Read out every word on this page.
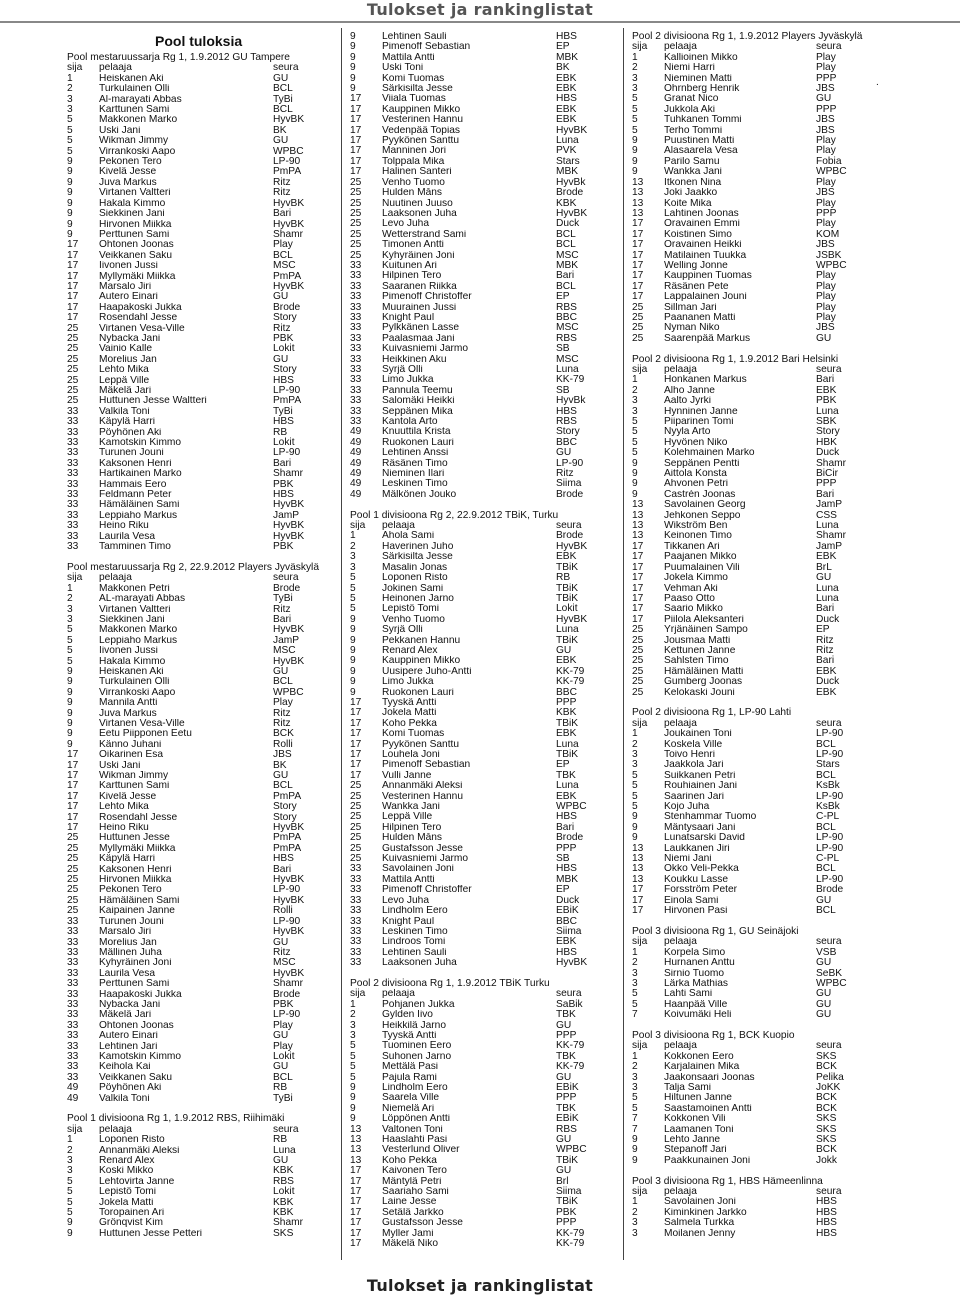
Tulokset ja rankinglistat
Pool tuloksia
Pool mestaruussarja Rg 1, 1.9.2012 GU Tampere
sija	pelaaja	seura
1	Heiskanen Aki	GU
2	Turkulainen Olli	BCL
3	Al-marayati Abbas	TyBi
3	Karttunen Sami	BCL
5	Makkonen Marko	HyvBK
5	Uski Jani	BK
5	Wikman Jimmy	GU
5	Virrankoski Aapo	WPBC
9	Pekonen Tero	LP-90
9	Kivelä Jesse	PmPA
9	Juva Markus	Ritz
9	Virtanen Valtteri	Ritz
9	Hakala Kimmo	HyvBK
9	Siekkinen Jani	Bari
9	Hirvonen Miikka	HyvBK
9	Perttunen Sami	Shamr
17	Ohtonen Joonas	Play
17	Veikkanen Saku	BCL
17	Iivonen Jussi	MSC
17	Myllymäki Miikka	PmPA
17	Marsalo Jiri	HyvBK
17	Autero Einari	GU
17	Haapakoski Jukka	Brode
17	Rosendahl Jesse	Story
25	Virtanen Vesa-Ville	Ritz
25	Nybacka Jani	PBK
25	Vainio Kalle	Lokit
25	Morelius Jan	GU
25	Lehto Mika	Story
25	Leppä Ville	HBS
25	Mäkelä Jari	LP-90
25	Huttunen Jesse Waltteri	PmPA
33	Valkila Toni	TyBi
33	Käpylä Harri	HBS
33	Pöyhönen Aki	RB
33	Kamotskin Kimmo	Lokit
33	Turunen Jouni	LP-90
33	Kaksonen Henri	Bari
33	Hartikainen Marko	Shamr
33	Hammais Eero	PBK
33	Feldmann Peter	HBS
33	Hämäläinen Sami	HyvBK
33	Leppiaho Markus	JamP
33	Heino Riku	HyvBK
33	Laurila Vesa	HyvBK
33	Tamminen Timo	PBK
Pool mestaruussarja Rg 2, 22.9.2012 Players Jyväskylä
sija	pelaaja	seura
1	Makkonen Petri	Brode
2	AL-marayati Abbas	TyBi
3	Virtanen Valtteri	Ritz
3	Siekkinen Jani	Bari
5	Makkonen Marko	HyvBK
5	Leppiaho Markus	JamP
5	Iivonen Jussi	MSC
5	Hakala Kimmo	HyvBK
9	Heiskanen Aki	GU
9	Turkulainen Olli	BCL
9	Virrankoski Aapo	WPBC
9	Mannila Antti	Play
9	Juva Markus	Ritz
9	Virtanen Vesa-Ville	Ritz
9	Eetu Piipponen Eetu	BCK
9	Känno Juhani	Rolli
17	Oikarinen Esa	JBS
17	Uski Jani	BK
17	Wikman Jimmy	GU
17	Karttunen Sami	BCL
17	Kivelä Jesse	PmPA
17	Lehto Mika	Story
17	Rosendahl Jesse	Story
17	Heino Riku	HyvBK
25	Huttunen Jesse	PmPA
25	Myllymäki Miikka	PmPA
25	Käpylä Harri	HBS
25	Kaksonen Henri	Bari
25	Hirvonen Miikka	HyvBK
25	Pekonen Tero	LP-90
25	Hämäläinen Sami	HyvBK
25	Kaipainen Janne	Rolli
33	Turunen Jouni	LP-90
33	Marsalo Jiri	HyvBK
33	Morelius Jan	GU
33	Mällinen Juha	Ritz
33	Kyhyräinen Joni	MSC
33	Laurila Vesa	HyvBK
33	Perttunen Sami	Shamr
33	Haapakoski Jukka	Brode
33	Nybacka Jani	PBK
33	Mäkelä Jari	LP-90
33	Ohtonen Joonas	Play
33	Autero Einari	GU
33	Lehtinen Jari	Play
33	Kamotskin Kimmo	Lokit
33	Keiholа Kai	GU
33	Veikkanen Saku	BCL
49	Pöyhönen Aki	RB
49	Valkila Toni	TyBi
Pool 1 divisioona Rg 1, 1.9.2012 RBS, Riihimäki
sija	pelaaja	seura
1	Loponen Risto	RB
2	Annanmäki Aleksi	Luna
3	Renard Alex	GU
3	Koski Mikko	KBK
5	Lehtovirta Janne	RBS
5	Lepistö Tomi	Lokit
5	Jokela Matti	KBK
5	Toropainen Ari	KBK
9	Grönqvist Kim	Shamr
9	Huttunen Jesse Petteri	SKS
9	Lehtinen Sauli	HBS
9	Pimenoff Sebastian	EP
9	Mattila Antti	MBK
9	Uski Toni	BK
9	Komi Tuomas	EBK
9	Särkisilta Jesse	EBK
17	Viiala Tuomas	HBS
17	Kauppinen Mikko	EBK
17	Vesterinen Hannu	EBK
17	Vedenpää Topias	HyvBK
17	Pyykönen Santtu	Luna
17	Manninen Jori	PVK
17	Tolppala Mika	Stars
17	Halinen Santeri	MBK
25	Venho Tuomo	HyvBk
25	Hulden Måns	Brode
25	Nuutinen Juuso	KBK
25	Laaksonen Juha	HyvBK
25	Levo Juha	Duck
25	Wetterstrand Sami	BCL
25	Timonen Antti	BCL
25	Kyhyräinen Joni	MSC
33	Kuitunen Ari	MBK
33	Hilpinen Tero	Bari
33	Saaranen Riikka	BCL
33	Pimenoff Christoffer	EP
33	Muurainen Jussi	RBS
33	Knight Paul	BBC
33	Pylkkänen Lasse	MSC
33	Paalasmaa Jani	RBS
33	Kuivasniemi Jarmo	SB
33	Heikkinen Aku	MSC
33	Syrjä Olli	Luna
33	Limo Jukka	KK-79
33	Pannula Teemu	SB
33	Salomäki Heikki	HyvBk
33	Seppänen Mika	HBS
33	Kantola Arto	RBS
49	Knuuttila Krista	Story
49	Ruokonen Lauri	BBC
49	Lehtinen Anssi	GU
49	Räsänen Timo	LP-90
49	Nieminen Ilari	Ritz
49	Leskinen Timo	Siima
49	Mälkönen Jouko	Brode
Pool 1 divisioona Rg 2, 22.9.2012 TBiK, Turku
sija	pelaaja	seura
1	Ahola Sami	Brode
2	Haverinen Juho	HyvBK
3	Särkisilta Jesse	EBK
3	Masalin Jonas	TBiK
5	Loponen Risto	RB
5	Jokinen Sami	TBiK
5	Heinonen Jarno	TBiK
5	Lepistö Tomi	Lokit
9	Venho Tuomo	HyvBK
9	Syrjä Olli	Luna
9	Pekkanen Hannu	TBiK
9	Renard Alex	GU
9	Kauppinen Mikko	EBK
9	Uusipere Juho-Antti	KK-79
9	Limo Jukka	KK-79
9	Ruokonen Lauri	BBC
17	Tyyskä Antti	PPP
17	Jokela Matti	KBK
17	Koho Pekka	TBiK
17	Komi Tuomas	EBK
17	Pyykönen Santtu	Luna
17	Louhela Joni	TBiK
17	Pimenoff Sebastian	EP
17	Vulli Janne	TBK
25	Annanmäki Aleksi	Luna
25	Vesterinen Hannu	EBK
25	Wankka Jani	WPBC
25	Leppä Ville	HBS
25	Hilpinen Tero	Bari
25	Hulden Måns	Brode
25	Gustafsson Jesse	PPP
25	Kuivasniemi Jarmo	SB
33	Savolainen Joni	HBS
33	Mattila Antti	MBK
33	Pimenoff Christoffer	EP
33	Levo Juha	Duck
33	Lindholm Eero	EBiK
33	Knight Paul	BBC
33	Leskinen Timo	Siima
33	Lindroos Tomi	EBK
33	Lehtinen Sauli	HBS
33	Laaksonen Juha	HyvBK
Pool 2 divisioona Rg 1, 1.9.2012 TBiK Turku
sija	pelaaja	seura
1	Pohjanen Jukka	SaBik
2	Gylden Iivo	TBK
3	Heikkilä Jarno	GU
3	Tyyskä Antti	PPP
5	Tuominen Eero	KK-79
5	Suhonen Jarno	TBK
5	Mettälä Pasi	KK-79
5	Pajula Rami	GU
9	Lindholm Eero	EBiK
9	Saarela Ville	PPP
9	Niemelä Ari	TBK
9	Löppönen Antti	EBiK
13	Valtonen Toni	RBS
13	Haaslahti Pasi	GU
13	Vesterlund Oliver	WPBC
13	Koho Pekka	TBiK
17	Kaivonen Tero	GU
17	Mäntylä Petri	Brl
17	Saariaho Sami	Siima
17	Laine Jesse	TBiK
17	Setälä Jarkko	PBK
17	Gustafsson Jesse	PPP
17	Myller Jami	KK-79
17	Mäkelä Niko	KK-79
Pool 2 divisioona Rg 1, 1.9.2012 Players Jyväskylä
sija	pelaaja	seura
1	Kallioinen Mikko	Play
2	Niemi Harri	Play
3	Nieminen Matti	PPP
3	Öhrnberg Henrik	JBS
5	Granat Nico	GU
5	Jukkola Aki	PPP
5	Tuhkanen Tommi	JBS
5	Terho Tommi	JBS
9	Puustinen Matti	Play
9	Alasaarela Vesa	Play
9	Parilo Samu	Fobia
9	Wankka Jani	WPBC
13	Itkonen Nina	Play
13	Joki Jaakko	JBS
13	Koite Mika	Play
13	Lahtinen Joonas	PPP
17	Oravainen Emmi	Play
17	Koistinen Simo	KOM
17	Oravainen Heikki	JBS
17	Matilainen Tuukka	JSBK
17	Welling Jonne	WPBC
17	Kauppinen Tuomas	Play
17	Räsänen Pete	Play
17	Lappalainen Jouni	Play
25	Sillman Jari	Play
25	Paananen Matti	Play
25	Nyman Niko	JBS
25	Saarenpää Markus	GU
Pool 2 divisioona Rg 1, 1.9.2012 Bari Helsinki
sija	pelaaja	seura
1	Honkanen Markus	Bari
2	Alho Janne	EBK
3	Aalto Jyrki	PBK
3	Hynninen Janne	Luna
5	Piiparinen Tomi	SBK
5	Nyyla Arto	Story
5	Hyvönen Niko	HBK
5	Kolehmainen Marko	Duck
9	Seppänen Pentti	Shamr
9	Aittola Konsta	BiCir
9	Ahvonen Petri	PPP
9	Castrén Joonas	Bari
13	Savolainen Georg	JamP
13	Jehkonen Seppo	CSS
13	Wikström Ben	Luna
13	Keinonen Timo	Shamr
17	Tikkanen Ari	JamP
17	Paajanen Mikko	EBK
17	Puumalainen Vili	BrL
17	Jokela Kimmo	GU
17	Vehman Aki	Luna
17	Paaso Otto	Luna
17	Saario Mikko	Bari
17	Piilola Aleksanteri	Duck
25	Yrjänäinen Sampo	EP
25	Jousmaa Matti	Ritz
25	Kettunen Janne	Ritz
25	Sahlsten Timo	Bari
25	Hämäläinen Matti	EBK
25	Gumberg Joonas	Duck
25	Kelokaski Jouni	EBK
Pool 2 divisioona Rg 1, LP-90 Lahti
sija	pelaaja	seura
1	Joukainen Toni	LP-90
2	Koskela Ville	BCL
3	Toivo Henri	LP-90
3	Jaakkola Jari	Stars
5	Suikkanen Petri	BCL
5	Rouhiainen Jani	KsBk
5	Saarinen Jari	LP-90
5	Kojo Juha	KsBk
9	Stenhammar Tuomo	C-PL
9	Mäntysaari Jani	BCL
9	Lunatsarski David	LP-90
13	Laukkanen Jiri	LP-90
13	Niemi Jani	C-PL
13	Okko Veli-Pekka	BCL
13	Koukku Lasse	LP-90
17	Forsström Peter	Brode
17	Einola Sami	GU
17	Hirvonen Pasi	BCL
Pool 3 divisioona Rg 1, GU Seinäjoki
sija	pelaaja	seura
1	Korpela Simo	VSB
2	Hurnanen Anttu	GU
3	Sirnio Tuomo	SeBK
3	Lärka Mathias	WPBC
5	Lahti Sami	GU
5	Haanpää Ville	GU
7	Koivumäki Heli	GU
Pool 3 divisioona Rg 1, BCK Kuopio
sija	pelaaja	seura
1	Kokkonen Eero	SKS
2	Karjalainen Mika	BCK
3	Jaakonsaari Joonas	Pelika
3	Talja Sami	JoKK
5	Hiltunen Janne	BCK
5	Saastamoinen Antti	BCK
7	Kokkonen Vili	SKS
7	Laamanen Toni	SKS
9	Lehto Janne	SKS
9	Stepanoff Jari	BCK
9	Paakkunainen Joni	Jokk
Pool 3 divisioona Rg 1, HBS Hämeenlinna
sija	pelaaja	seura
1	Savolainen Joni	HBS
2	Kiminkinen Jarkko	HBS
3	Salmela Turkka	HBS
3	Moilanen Jenny	HBS
.
Tulokset ja rankinglistat
